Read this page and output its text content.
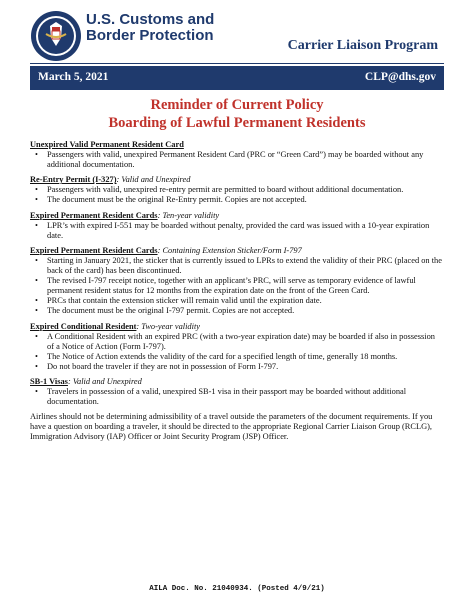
U.S. Customs and
Border Protection
Carrier Liaison Program
March 5, 2021	CLP@dhs.gov
Reminder of Current Policy
Boarding of Lawful Permanent Residents
Unexpired Valid Permanent Resident Card
• Passengers with valid, unexpired Permanent Resident Card (PRC or “Green Card”) may be boarded without any additional documentation.
Re-Entry Permit (I-327): Valid and Unexpired
• Passengers with valid, unexpired re-entry permit are permitted to board without additional documentation.
• The document must be the original Re-Entry permit. Copies are not accepted.
Expired Permanent Resident Cards: Ten-year validity
• LPR’s with expired I-551 may be boarded without penalty, provided the card was issued with a 10-year expiration date.
Expired Permanent Resident Cards: Containing Extension Sticker/Form I-797
• Starting in January 2021, the sticker that is currently issued to LPRs to extend the validity of their PRC (placed on the back of the card) has been discontinued.
• The revised I-797 receipt notice, together with an applicant’s PRC, will serve as temporary evidence of lawful permanent resident status for 12 months from the expiration date on the front of the Green Card.
• PRCs that contain the extension sticker will remain valid until the expiration date.
• The document must be the original I-797 permit. Copies are not accepted.
Expired Conditional Resident: Two-year validity
• A Conditional Resident with an expired PRC (with a two-year expiration date) may be boarded if also in possession of a Notice of Action (Form I-797).
• The Notice of Action extends the validity of the card for a specified length of time, generally 18 months.
• Do not board the traveler if they are not in possession of Form I-797.
SB-1 Visas: Valid and Unexpired
• Travelers in possession of a valid, unexpired SB-1 visa in their passport may be boarded without additional documentation.
Airlines should not be determining admissibility of a travel outside the parameters of the document requirements. If you have a question on boarding a traveler, it should be directed to the appropriate Regional Carrier Liaison Group (RCLG), Immigration Advisory (IAP) Officer or Joint Security Program (JSP) Officer.
AILA Doc. No. 21040934. (Posted 4/9/21)
